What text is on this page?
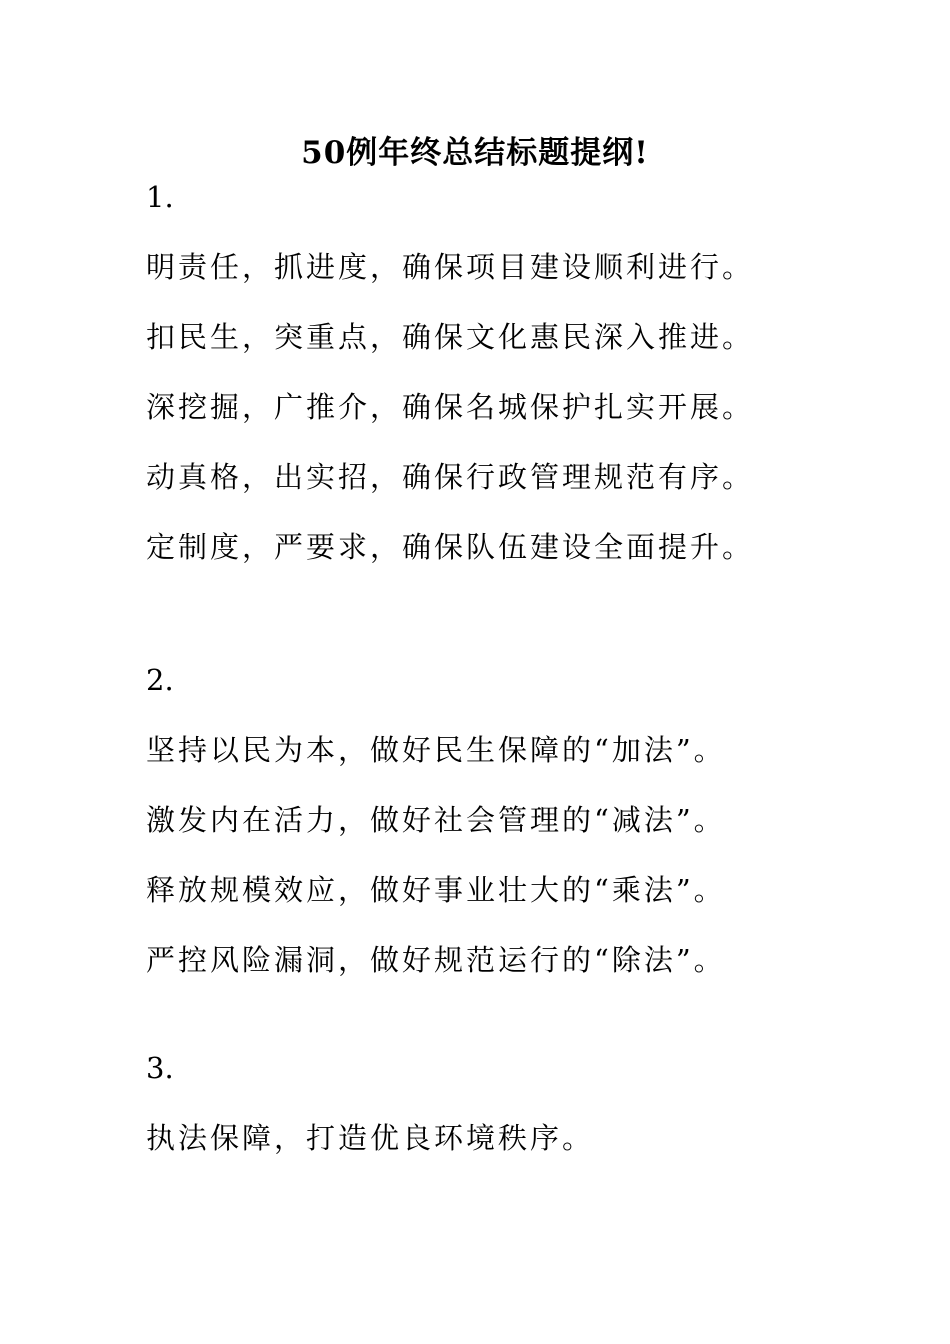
50例年终总结标题提纲!
1.
明责任，抓进度，确保项目建设顺利进行。
扣民生，突重点，确保文化惠民深入推进。
深挖掘，广推介，确保名城保护扎实开展。
动真格，出实招，确保行政管理规范有序。
定制度，严要求，确保队伍建设全面提升。
2.
坚持以民为本，做好民生保障的“加法”。
激发内在活力，做好社会管理的“减法”。
释放规模效应，做好事业壮大的“乘法”。
严控风险漏洞，做好规范运行的“除法”。
3.
执法保障，打造优良环境秩序。
